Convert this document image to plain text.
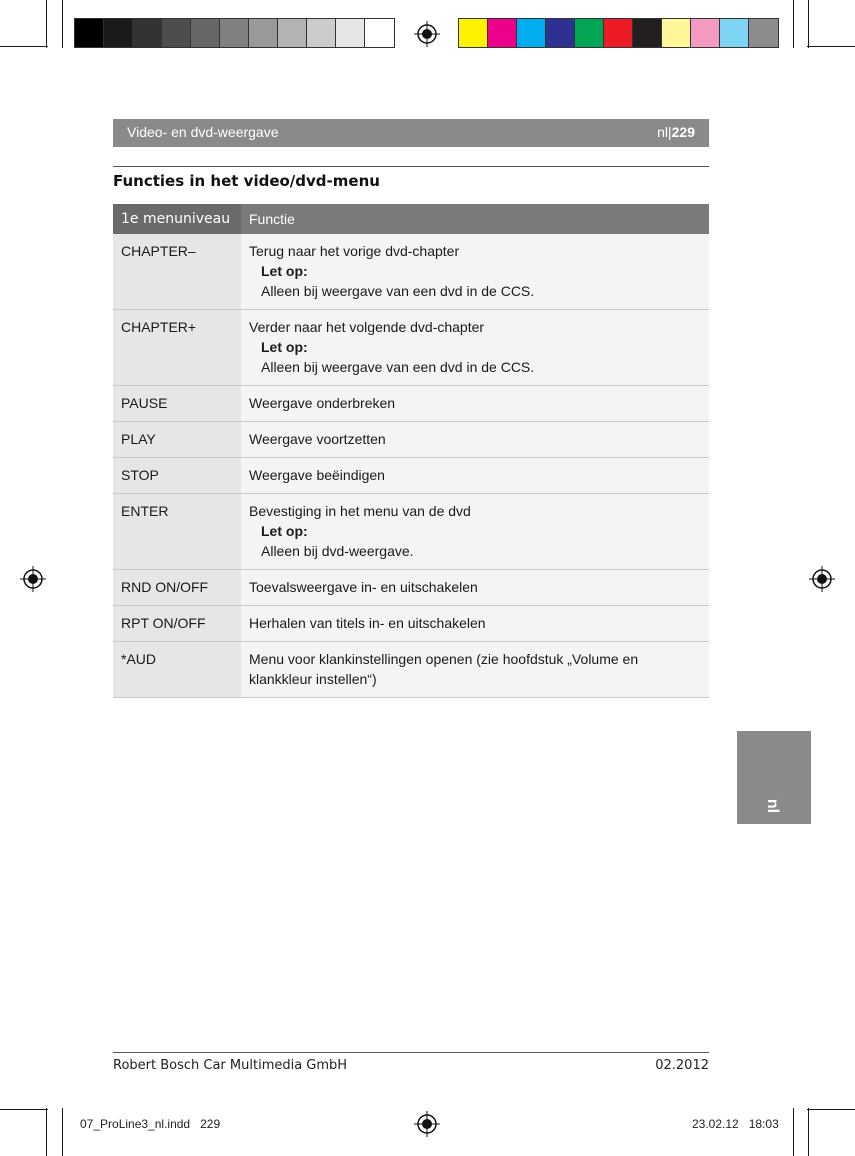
Video- en dvd-weergave	nl|229
Functies in het video/dvd-menu
1e menuniveau	Functie
CHAPTER–	Terug naar het vorige dvd-chapter
Let op:
Alleen bij weergave van een dvd in de CCS.
CHAPTER+	Verder naar het volgende dvd-chapter
Let op:
Alleen bij weergave van een dvd in de CCS.
PAUSE	Weergave onderbreken
PLAY	Weergave voortzetten
STOP	Weergave beëindigen
ENTER	Bevestiging in het menu van de dvd
Let op:
Alleen bij dvd-weergave.
RND ON/OFF	Toevalsweergave in- en uitschakelen
RPT ON/OFF	Herhalen van titels in- en uitschakelen
*AUD	Menu voor klankinstellingen openen (zie hoofdstuk „Volume en klankkleur instellen“)
nl
Robert Bosch Car Multimedia GmbH	02.2012
07_ProLine3_nl.indd   229	23.02.12   18:03
